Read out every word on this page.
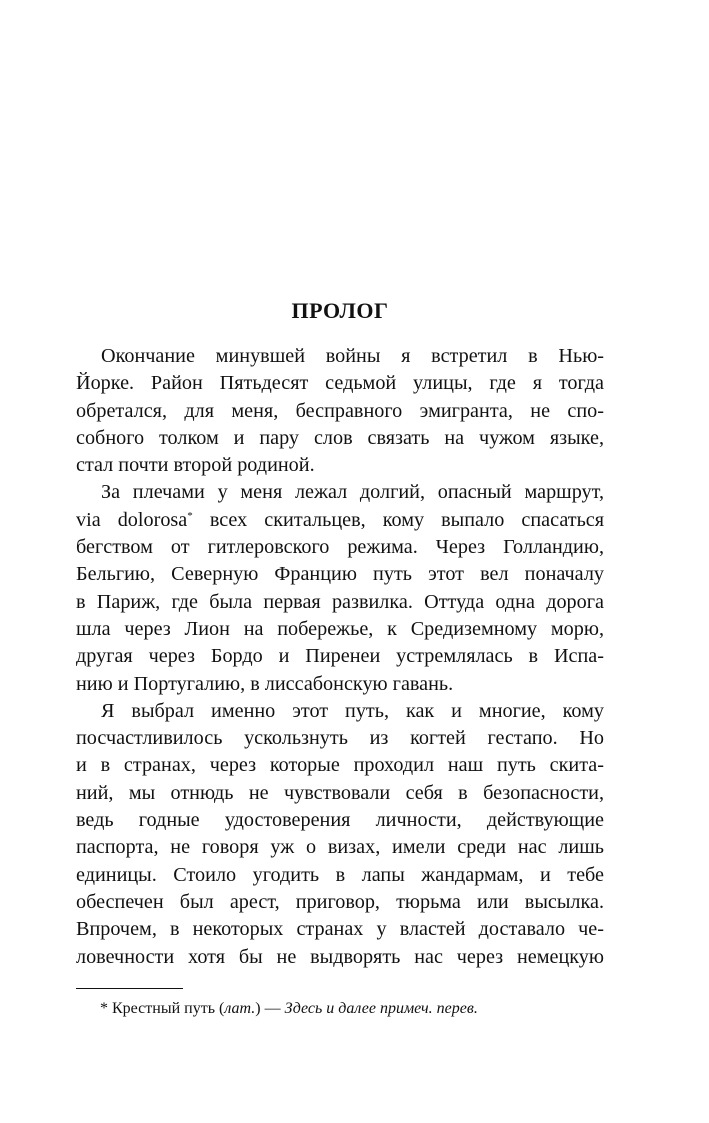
ПРОЛОГ
Окончание минувшей войны я встретил в Нью-
Йорке. Район Пятьдесят седьмой улицы, где я тогда
обретался, для меня, бесправного эмигранта, не спо-
собного толком и пару слов связать на чужом языке,
стал почти второй родиной.
За плечами у меня лежал долгий, опасный маршрут,
via dolorosa* всех скитальцев, кому выпало спасаться
бегством от гитлеровского режима. Через Голландию,
Бельгию, Северную Францию путь этот вел поначалу
в Париж, где была первая развилка. Оттуда одна дорога
шла через Лион на побережье, к Средиземному морю,
другая через Бордо и Пиренеи устремлялась в Испа-
нию и Португалию, в лиссабонскую гавань.
Я выбрал именно этот путь, как и многие, кому
посчастливилось ускользнуть из когтей гестапо. Но
и в странах, через которые проходил наш путь скита-
ний, мы отнюдь не чувствовали себя в безопасности,
ведь годные удостоверения личности, действующие
паспорта, не говоря уж о визах, имели среди нас лишь
единицы. Стоило угодить в лапы жандармам, и тебе
обеспечен был арест, приговор, тюрьма или высылка.
Впрочем, в некоторых странах у властей доставало че-
ловечности хотя бы не выдворять нас через немецкую
* Крестный путь (лат.) — Здесь и далее примеч. перев.
